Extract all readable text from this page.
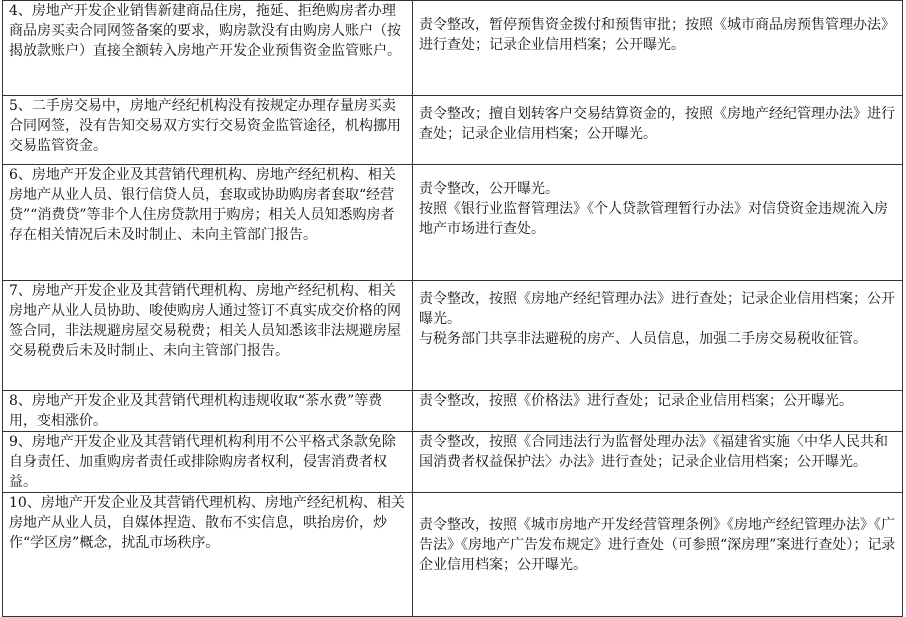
4、房地产开发企业销售新建商品住房，拖延、拒绝购房者办理商品房买卖合同网签备案的要求，购房款没有由购房人账户（按揭放款账户）直接全额转入房地产开发企业预售资金监管账户。	责令整改，暂停预售资金拨付和预售审批；按照《城市商品房预售管理办法》进行查处；记录企业信用档案；公开曝光。
5、二手房交易中，房地产经纪机构没有按规定办理存量房买卖合同网签，没有告知交易双方实行交易资金监管途径，机构挪用交易监管资金。	责令整改；擅自划转客户交易结算资金的，按照《房地产经纪管理办法》进行查处；记录企业信用档案；公开曝光。
6、房地产开发企业及其营销代理机构、房地产经纪机构、相关房地产从业人员、银行信贷人员，套取或协助购房者套取“经营贷”“消费贷”等非个人住房贷款用于购房；相关人员知悉购房者存在相关情况后未及时制止、未向主管部门报告。	责令整改，公开曝光。
按照《银行业监督管理法》《个人贷款管理暂行办法》对信贷资金违规流入房地产市场进行查处。

7、房地产开发企业及其营销代理机构、房地产经纪机构、相关房地产从业人员协助、唆使购房人通过签订不真实成交价格的网签合同，非法规避房屋交易税费；相关人员知悉该非法规避房屋交易税费后未及时制止、未向主管部门报告。	责令整改，按照《房地产经纪管理办法》进行查处；记录企业信用档案；公开曝光。
与税务部门共享非法避税的房产、人员信息，加强二手房交易税收征管。

8、房地产开发企业及其营销代理机构违规收取“茶水费”等费用，变相涨价。	责令整改，按照《价格法》进行查处；记录企业信用档案；公开曝光。
9、房地产开发企业及其营销代理机构利用不公平格式条款免除自身责任、加重购房者责任或排除购房者权利，侵害消费者权益。	责令整改，按照《合同违法行为监督处理办法》《福建省实施〈中华人民共和国消费者权益保护法〉办法》进行查处；记录企业信用档案；公开曝光。
10、房地产开发企业及其营销代理机构、房地产经纪机构、相关房地产从业人员，自媒体捏造、散布不实信息，哄抬房价，炒作“学区房”概念，扰乱市场秩序。	责令整改，按照《城市房地产开发经营管理条例》《房地产经纪管理办法》《广告法》《房地产广告发布规定》进行查处（可参照“深房理”案进行查处）；记录企业信用档案；公开曝光。
